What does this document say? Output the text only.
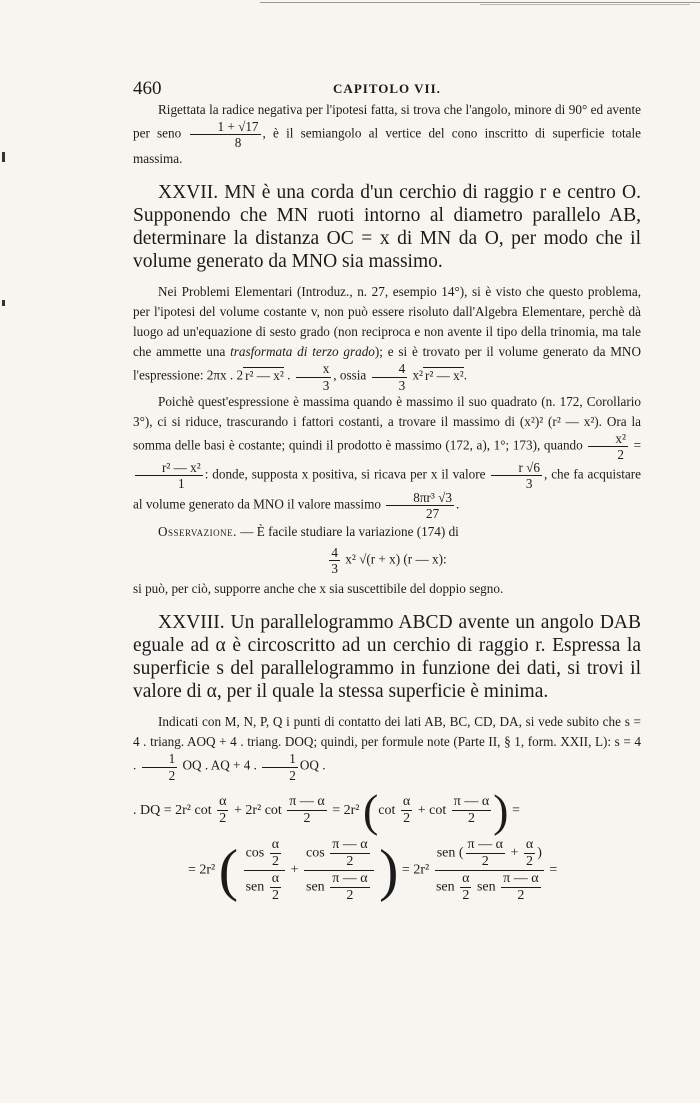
460	CAPITOLO VII.
Rigettata la radice negativa per l'ipotesi fatta, si trova che l'angolo, minore di 90° ed avente per seno $\frac{1 + √17}{8}$ , è il semiangolo al vertice del cono inscritto di superficie totale massima.
XXVII. MN è una corda d'un cerchio di raggio r e centro O. Supponendo che MN ruoti intorno al diametro parallelo AB, determinare la distanza OC = x di MN da O, per modo che il volume generato da MNO sia massimo.
Nei Problemi Elementari (Introduz., n. 27, esempio 14°), si è visto che questo problema, per l'ipotesi del volume costante v, non può essere risoluto dall'Algebra Elementare, perchè dà luogo ad un'equazione di sesto grado (non reciproca e non avente il tipo della trinomia, ma tale che ammette una trasformata di terzo grado); e si è trovato per il volume generato da MNO l'espressione: 2πx . 2 r² — x² . $\frac{x}{3}$ , ossia $\frac{4}{3} x^2$ r² — x².
Poichè quest'espressione è massima quando è massimo il suo quadrato (n. 172, Corollario 3°), ci si riduce, trascurando i fattori costanti, a trovare il massimo di (x²)² (r² — x²). Ora la somma delle basi è costante; quindi il prodotto è massimo (172, a), 1°; 173), quando $\frac{\text{x²}}{2}$ =
$\frac{\text{r² — x²}}{1}$ : donde, supposta x positiva, si ricava per x il valore $\frac{r √6}{3}$ , che fa acquistare al volume generato da MNO il valore massimo $\frac{\text{8πr³ √3}}{27}$ .
Osservazione. — È facile studiare la variazione (174) di
$\frac{4}{3} x^2$ √(r + x) (r — x):
si può, per ciò, supporre anche che x sia suscettibile del doppio segno.
XXVIII. Un parallelogrammo ABCD avente un angolo DAB eguale ad α è circoscritto ad un cerchio di raggio r. Espressa la superficie s del parallelogrammo in funzione dei dati, si trovi il valore di α, per il quale la stessa superficie è minima.
Indicati con M, N, P, Q i punti di contatto dei lati AB, BC, CD, DA, si vede subito che s = 4 . triang. AOQ + 4 . triang. DOQ; quindi, per formule note (Parte II, § 1, form. XXII, L): s = 4 . $\frac{1}{2}$ OQ . AQ + 4 . $\frac{1}{2}$ OQ .
. DQ = 2r² $\cot \frac{\alpha}{2} + 2r^2$ $\cot \frac{\pi — \alpha}{2} = 2r^2$ ($\cot \frac{\alpha}{2} + \cot \frac{\pi — \alpha}{2}$ ) =
= 2r² ( $\frac{\cos \frac{\alpha}{2}}{sen \frac{\alpha}{2}} + \frac{\cos \frac{\pi — \alpha}{2}}{sen \frac{\pi — \alpha}{2}}$ ) = $2r^2 \frac{sen ( \frac{\pi — \alpha}{2} + \frac{\alpha}{2} )}{sen \frac{\alpha}{2} sen \frac{\pi — \alpha}{2}}$ =
